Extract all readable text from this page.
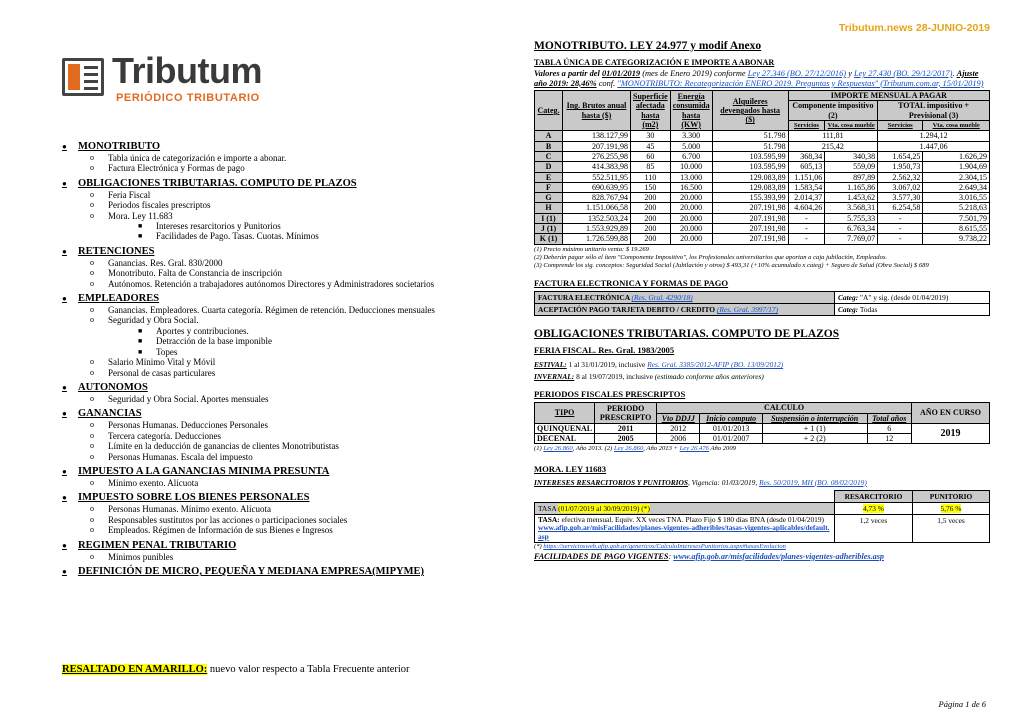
Tributum.news 28-JUNIO-2019
Tributum
PERIÓDICO TRIBUTARIO
●	MONOTRIBUTO
o	Tabla única de categorización e importe a abonar.
o	Factura Electrónica y Formas de pago
●	OBLIGACIONES TRIBUTARIAS. COMPUTO DE PLAZOS
o	Feria Fiscal
o	Periodos fiscales prescriptos
o	Mora. Ley 11.683
■	Intereses resarcitorios y Punitorios
■	Facilidades de Pago. Tasas. Cuotas. Mínimos
●	RETENCIONES
o	Ganancias. Res. Gral. 830/2000
o	Monotributo. Falta de Constancia de inscripción
o	Autónomos. Retención a trabajadores autónomos Directores y Administradores societarios
●	EMPLEADORES
o	Ganancias. Empleadores. Cuarta categoría. Régimen de retención. Deducciones mensuales
o	Seguridad y Obra Social.
■	Aportes y contribuciones.
■	Detracción de la base imponible
■	Topes
o	Salario Mínimo Vital y Móvil
o	Personal de casas particulares
●	AUTONOMOS
o	Seguridad y Obra Social. Aportes mensuales
●	GANANCIAS
o	Personas Humanas. Deducciones Personales
o	Tercera categoría. Deducciones
o	Límite en la deducción de ganancias de clientes Monotributistas
o	Personas Humanas. Escala del impuesto
●	IMPUESTO A LA GANANCIAS MINIMA PRESUNTA
o	Mínimo exento. Alícuota
●	IMPUESTO SOBRE LOS BIENES PERSONALES
o	Personas Humanas. Mínimo exento. Alícuota
o	Responsables sustitutos por las acciones o participaciones sociales
o	Empleados. Régimen de Información de sus Bienes e Ingresos
●	REGIMEN PENAL TRIBUTARIO
o	Mínimos punibles
●	DEFINICIÓN DE MICRO, PEQUEÑA Y MEDIANA EMPRESA (MIPYME)
RESALTADO EN AMARILLO: nuevo valor respecto a Tabla Frecuente anterior
MONOTRIBUTO. LEY 24.977 y modif Anexo
TABLA ÚNICA DE CATEGORIZACIÓN E IMPORTE A ABONAR
Valores a partir del 01/01/2019 (mes de Enero 2019) conforme Ley 27.346 (BO. 27/12/2016) y Ley 27.430 (BO. 29/12/2017). Ajuste año 2019: 28,46% conf. "MONOTRIBUTO: Recategorización ENERO 2019. Preguntas y Respuestas" (Tributum.com.ar, 15/01/2019)
Categ.	Ing. Brutos anual hasta ($)	Superficie afectada hasta (m2)	Energía consumida hasta (KW)	Alquileres devengados hasta ($)	IMPORTE MENSUAL A PAGAR			
					Componente impositivo (2)		TOTAL impositivo + Previsional (3)	
					Servicios	Vta. cosa mueble	Servicios	Vta. cosa mueble
A	138.127,99	30	3.300	51.798	111,81		1.294,12	
B	207.191,98	45	5.000	51.798	215,42		1.447,06	
C	276.255,98	60	6.700	103.595,99	368,34	340,38	1.654,25	1.626,29
D	414.383,98	85	10.000	103.595,99	605,13	559,09	1.950,73	1.904,69
E	552.511,95	110	13.000	129.083,89	1.151,06	897,89	2.562,32	2.304,15
F	690.639,95	150	16.500	129.083,89	1.583,54	1.165,86	3.067,02	2.649,34
G	828.767,94	200	20.000	155.393,99	2.014,37	1.453,62	3.577,30	3.016,55
H	1.151.066,58	200	20.000	207.191,98	4.604,26	3.568,31	6.254,58	5.218,63
I (1)	1352.503,24	200	20.000	207.191,98	-	5.755,33	-	7.501,79
J (1)	1.553.929,89	200	20.000	207.191,98	-	6.763,34	-	8.615,55
K (1)	1.726.599,88	200	20.000	207.191,98	-	7.769,07	-	9.738,22
(1) Precio máximo unitario venta: $ 19.269
(2) Deberán pagar sólo el ítem "Componente Impositivo", los Profesionales universitarios que aportan a caja jubilación, Empleados.
(3) Comprende los sig. conceptos: Seguridad Social (Jubilación y otros) $ 493,31 (+10% acumulado x categ) + Seguro de Salud (Obra Social) $ 689
FACTURA ELECTRONICA Y FORMAS DE PAGO
FACTURA ELECTRÓNICA (Res. Gral. 4290/18)	Categ: "A" y sig. (desde 01/04/2019)
ACEPTACIÓN PAGO TARJETA DEBITO / CREDITO (Res. Gral. 3997/17)	Categ: Todas
OBLIGACIONES TRIBUTARIAS. COMPUTO DE PLAZOS
FERIA FISCAL. Res. Gral. 1983/2005
ESTIVAL: 1 al 31/01/2019, inclusive Res. Gral. 3385/2012-AFIP (BO. 13/09/2012)
INVERNAL: 8 al 19/07/2019, inclusive (estimado conforme años anteriores)
PERIODOS FISCALES PRESCRIPTOS
TIPO	PERIODO	CALCULO				AÑO EN CURSO
	PRESCRIPTO	Vto DDJJ	Inicio computo	Suspensión o interrupción	Total años	
QUINQUENAL	2011	2012	01/01/2013	+ 1 (1)	6	2019
DECENAL	2005	2006	01/01/2007	+ 2 (2)	12	
(1) Ley 26.860, Año 2013. (2) Ley 26.860, Año 2013 + Ley 26.476 Año 2009
MORA. LEY 11683
INTERESES RESARCITORIOS Y PUNITORIOS, Vigencia: 01/03/2019, Res. 50/2019, MH (BO. 08/02/2019)
	RESARCITORIO	PUNITORIO
TASA (01/07/2019 al 30/09/2019) (*)	4,73 %	5,76 %
TASA: efectiva mensual. Equiv. XX veces TNA. Plazo Fijo $ 180 días BNA (desde 01/04/2019) www.afip.gob.ar/misFacilidades/planes-vigentes-adheribles/tasas-vigentes-aplicables/default.asp	1,2 veces	1,5 veces
(*) https://serviciosweb.afip.gob.ar/genericos/CalculoInteresesPunitorios.aspx#tasasEvolucion
FACILIDADES DE PAGO VIGENTES: www.afip.gob.ar/misfacilidades/planes-vigentes-adheribles.asp
Página 1 de 6
